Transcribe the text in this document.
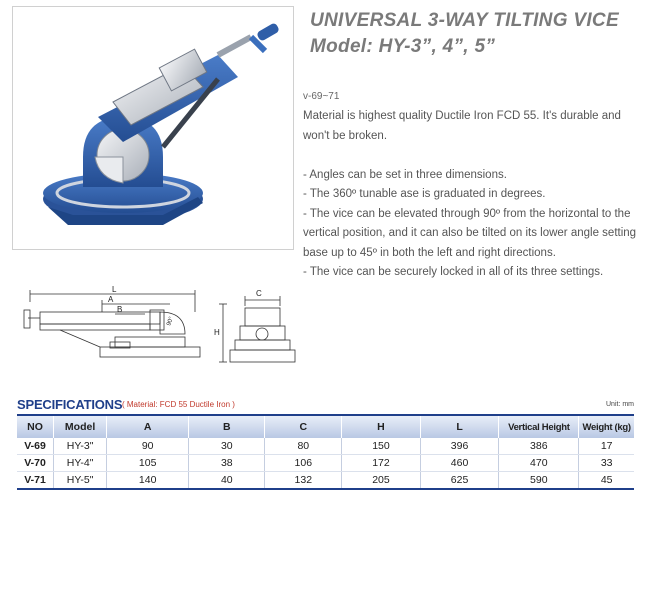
UNIVERSAL 3-WAY TILTING VICE
Model: HY-3”, 4”, 5”
v-69~71

Material is highest quality Ductile Iron FCD 55. It's durable and won't be broken.

- Angles can be set in three dimensions.

- The 360º tunable ase is graduated in degrees.

- The vice can be elevated through 90º from the horizontal to the vertical position, and it can also be tilted on its lower angle setting base up to 45º in both the left and right directions.

- The vice can be securely locked in all of its three settings.

L
A
B
90°
C
H
SPECIFICATIONS ( Material: FCD 55 Ductile Iron )	Unit: mm
NO	Model	A	B	C	H	L	Vertical Height	Weight (kg)
V-69	HY-3"	90	30	80	150	396	386	17
V-70	HY-4"	105	38	106	172	460	470	33
V-71	HY-5"	140	40	132	205	625	590	45
